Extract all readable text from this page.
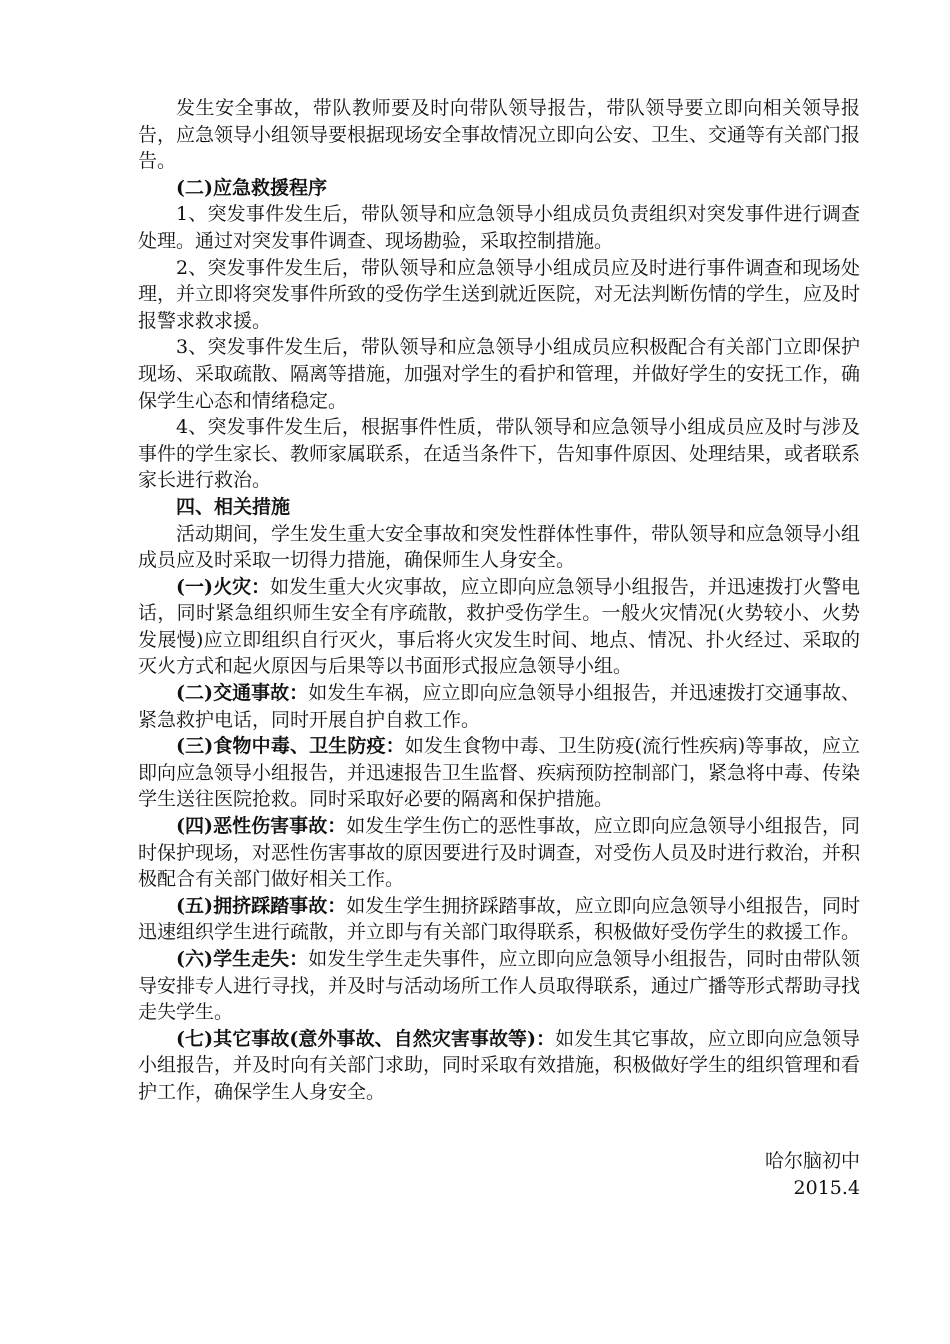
发生安全事故，带队教师要及时向带队领导报告，带队领导要立即向相关领导报告，应急领导小组领导要根据现场安全事故情况立即向公安、卫生、交通等有关部门报告。

(二)应急救援程序

1、突发事件发生后，带队领导和应急领导小组成员负责组织对突发事件进行调查处理。通过对突发事件调查、现场勘验，采取控制措施。

2、突发事件发生后，带队领导和应急领导小组成员应及时进行事件调查和现场处理，并立即将突发事件所致的受伤学生送到就近医院，对无法判断伤情的学生，应及时报警求救求援。

3、突发事件发生后，带队领导和应急领导小组成员应积极配合有关部门立即保护现场、采取疏散、隔离等措施，加强对学生的看护和管理，并做好学生的安抚工作，确保学生心态和情绪稳定。

4、突发事件发生后，根据事件性质，带队领导和应急领导小组成员应及时与涉及事件的学生家长、教师家属联系，在适当条件下，告知事件原因、处理结果，或者联系家长进行救治。

四、相关措施

活动期间，学生发生重大安全事故和突发性群体性事件，带队领导和应急领导小组成员应及时采取一切得力措施，确保师生人身安全。

(一)火灾：如发生重大火灾事故，应立即向应急领导小组报告，并迅速拨打火警电话，同时紧急组织师生安全有序疏散，救护受伤学生。一般火灾情况(火势较小、火势发展慢)应立即组织自行灭火，事后将火灾发生时间、地点、情况、扑火经过、采取的灭火方式和起火原因与后果等以书面形式报应急领导小组。

(二)交通事故：如发生车祸，应立即向应急领导小组报告，并迅速拨打交通事故、紧急救护电话，同时开展自护自救工作。

(三)食物中毒、卫生防疫：如发生食物中毒、卫生防疫(流行性疾病)等事故，应立即向应急领导小组报告，并迅速报告卫生监督、疾病预防控制部门，紧急将中毒、传染学生送往医院抢救。同时采取好必要的隔离和保护措施。

(四)恶性伤害事故：如发生学生伤亡的恶性事故，应立即向应急领导小组报告，同时保护现场，对恶性伤害事故的原因要进行及时调查，对受伤人员及时进行救治，并积极配合有关部门做好相关工作。

(五)拥挤踩踏事故：如发生学生拥挤踩踏事故，应立即向应急领导小组报告，同时迅速组织学生进行疏散，并立即与有关部门取得联系，积极做好受伤学生的救援工作。

(六)学生走失：如发生学生走失事件，应立即向应急领导小组报告，同时由带队领导安排专人进行寻找，并及时与活动场所工作人员取得联系，通过广播等形式帮助寻找走失学生。

(七)其它事故(意外事故、自然灾害事故等)：如发生其它事故，应立即向应急领导小组报告，并及时向有关部门求助，同时采取有效措施，积极做好学生的组织管理和看护工作，确保学生人身安全。

哈尔脑初中
2015.4
